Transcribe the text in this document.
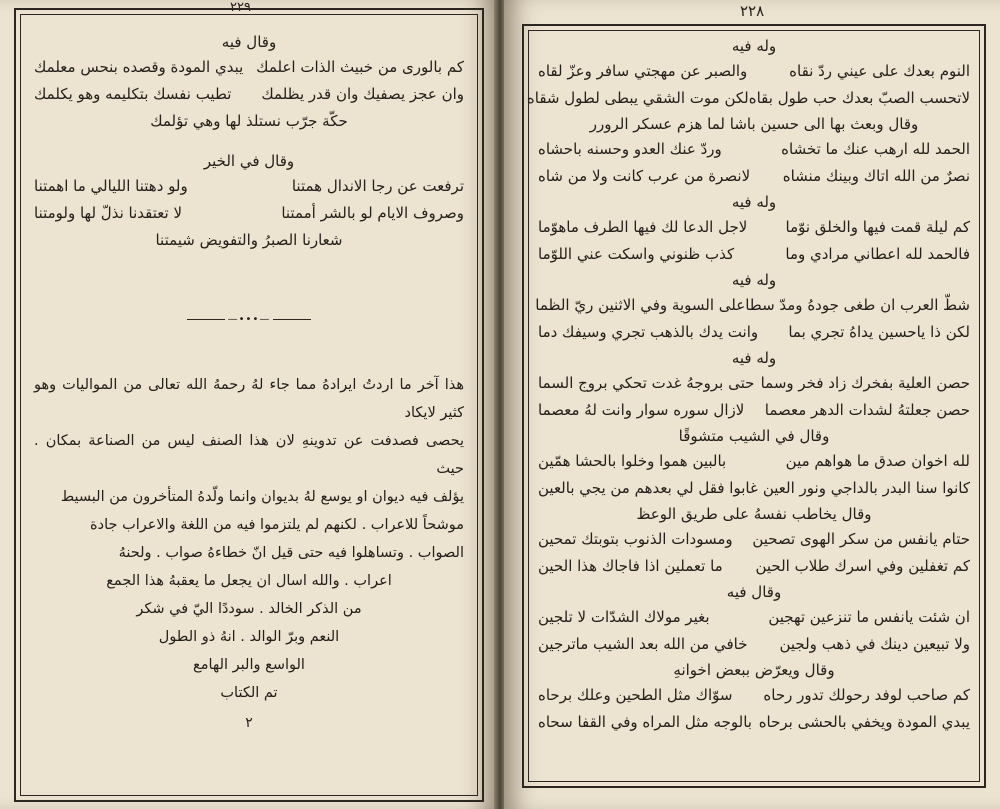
٢٢٩

وقال فيه

كم بالورى من خبيث الذات اعلمك
يبدي المودة وقصده بنحس معلمك
وان عجز يصفيك وان قدر يظلمك
تطيب نفسك بتكليمه وهو يكلمك

حكّة جرّب نستلذ لها وهي تؤلمك

وقال في الخير

ترفعت عن رجا الاندال همتنا
ولو دهتنا الليالي ما اهمتنا
وصروف الايام لو بالشر أممتنا
لا تعتقدنا نذلّ لها ولومتنا

شعارنا الصبرُ والتفويض شيمتنا

—•••—

هذا آخر ما اردتُ ايرادهُ مما جاء لهُ رحمهُ الله تعالى من المواليات وهو كثير لايكاد

يحصى فصدفت عن تدوينهِ لان هذا الصنف ليس من الصناعة بمكان . حيث

يؤلف فيه ديوان او يوسع لهُ بديوان وانما ولّدهُ المتأخرون من البسيط

موشحاً للاعراب . لكنهم لم يلتزموا فيه من اللغة والاعراب جادة

الصواب . وتساهلوا فيه حتى قيل انّ خطاءهُ صواب . ولحنهُ

اعراب . والله اسال ان يجعل ما يعقبهُ هذا الجمع

من الذكر الخالد . سوددًا اليّ في شكر

النعم وبرّ الوالد . انهُ ذو الطول

الواسع والبر الهامع

تم الكتاب

٢

٢٢٨

وله فيه

النوم بعدك على عيني ردّ نقاه
والصبر عن مهجتي سافر وعزّ لقاه
لاتحسب الصبّ بعدك حب طول بقاه
لكن موت الشقي يبطى لطول شقاه

وقال وبعث بها الى حسين باشا لما هزم عسكر الرورر

الحمد لله ارهب عنك ما تخشاه
وردّ عنك العدو وحسنه باحشاه
نصرٌ من الله اتاك وبينك منشاه
لانصرة من عرب كانت ولا من شاه

وله فيه

كم ليلة قمت فيها والخلق نوّما
لاجل الدعا لك فيها الطرف ماهوّما
فالحمد لله اعطاني مرادي وما
كذب ظنوني واسكت عني اللوّما

وله فيه

شطّ العرب ان طغى جودهُ ومدّ سطا
على السوية وفي الاثنين ريّ الظما
لكن ذا ياحسين يداهُ تجري بما
وانت يدك بالذهب تجري وسيفك دما

وله فيه

حصن العلية بفخرك زاد فخر وسما
حتى بروجهُ غدت تحكي بروج السما
حصن جعلتهُ لشدات الدهر معصما
لازال سوره سوار وانت لهُ معصما

وقال في الشيب متشوقًا

لله اخوان صدق ما هواهم مين
بالبين هموا وخلوا بالحشا همّين
كانوا سنا البدر بالداجي ونور العين
غابوا فقل لي بعدهم من يجي بالعين

وقال يخاطب نفسهُ على طريق الوعظ

حتام يانفس من سكر الهوى تصحين
ومسودات الذنوب بتوبتك تمحين
كم تغفلين وفي اسرك طلاب الحين
ما تعملين اذا فاجاك هذا الحين

وقال فيه

ان شئت يانفس ما تنزعين تهجين
بغير مولاك الشدّات لا تلجين
ولا تبيعين دينك في ذهب ولجين
خافي من الله بعد الشيب ماترجين

وقال ويعرّض ببعض اخوانهِ

كم صاحب لوفد رحولك تدور رحاه
سوّاك مثل الطحين وعلك برحاه
يبدي المودة ويخفي بالحشى برحاه
بالوجه مثل المراه وفي القفا سحاه
